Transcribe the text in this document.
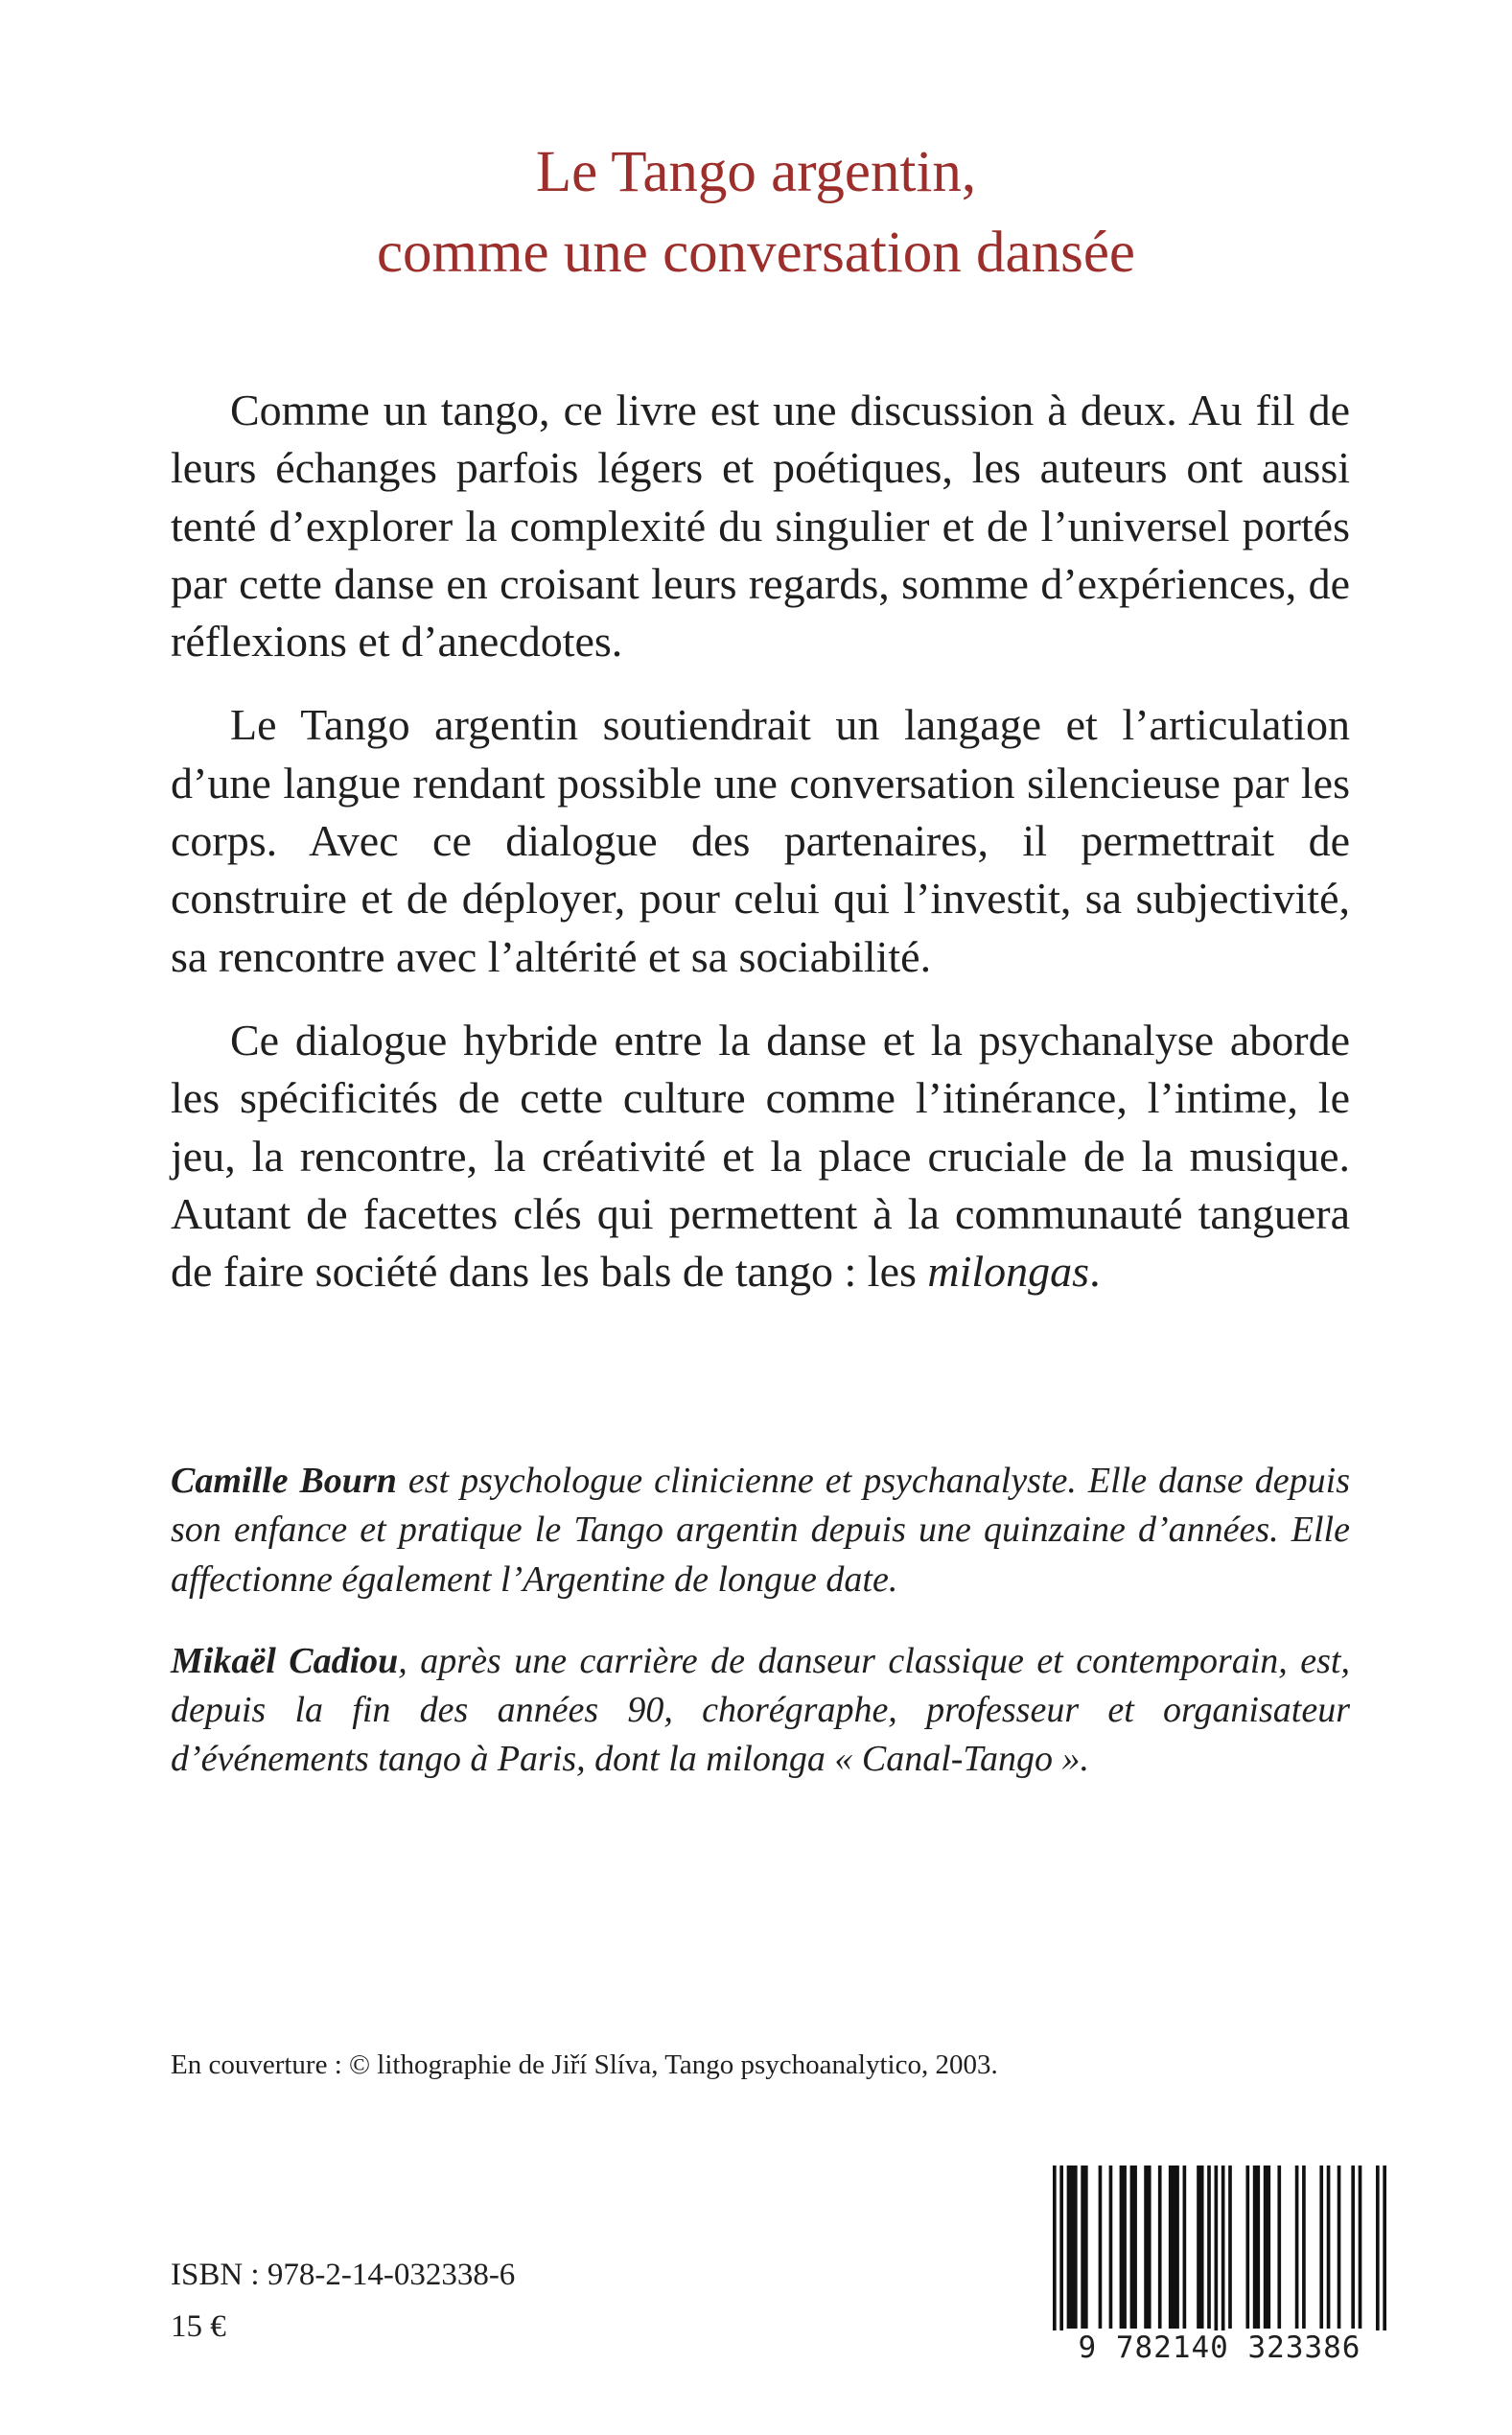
Le Tango argentin,
comme une conversation dansée

Comme un tango, ce livre est une discussion à deux. Au fil de leurs échanges parfois légers et poétiques, les auteurs ont aussi tenté d’explorer la complexité du singulier et de l’universel portés par cette danse en croisant leurs regards, somme d’expériences, de réflexions et d’anecdotes.

Le Tango argentin soutiendrait un langage et l’articulation d’une langue rendant possible une conversation silencieuse par les corps. Avec ce dialogue des partenaires, il permettrait de construire et de déployer, pour celui qui l’investit, sa subjectivité, sa rencontre avec l’altérité et sa sociabilité.

Ce dialogue hybride entre la danse et la psychanalyse aborde les spécificités de cette culture comme l’itinérance, l’intime, le jeu, la rencontre, la créativité et la place cruciale de la musique. Autant de facettes clés qui permettent à la communauté tanguera de faire société dans les bals de tango : les milongas.

Camille Bourn est psychologue clinicienne et psychanalyste. Elle danse depuis son enfance et pratique le Tango argentin depuis une quinzaine d’années. Elle affectionne également l’Argentine de longue date.

Mikaël Cadiou, après une carrière de danseur classique et contemporain, est, depuis la fin des années 90, chorégraphe, professeur et organisateur d’événements tango à Paris, dont la milonga « Canal-Tango ».

En couverture : © lithographie de Jiří Slíva, Tango psychoanalytico, 2003.
ISBN : 978-2-14-032338-6
15 €
9 782140 323386
